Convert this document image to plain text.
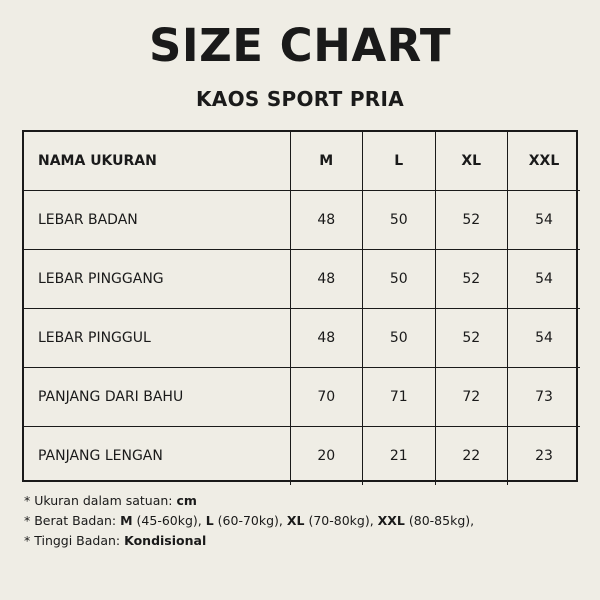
SIZE CHART
KAOS SPORT PRIA
NAMA UKURAN	M	L	XL	XXL
LEBAR BADAN	48	50	52	54
LEBAR PINGGANG	48	50	52	54
LEBAR PINGGUL	48	50	52	54
PANJANG DARI BAHU	70	71	72	73
PANJANG LENGAN	20	21	22	23
* Ukuran dalam satuan: cm
* Berat Badan: M (45-60kg), L (60-70kg), XL (70-80kg), XXL (80-85kg),
* Tinggi Badan: Kondisional
